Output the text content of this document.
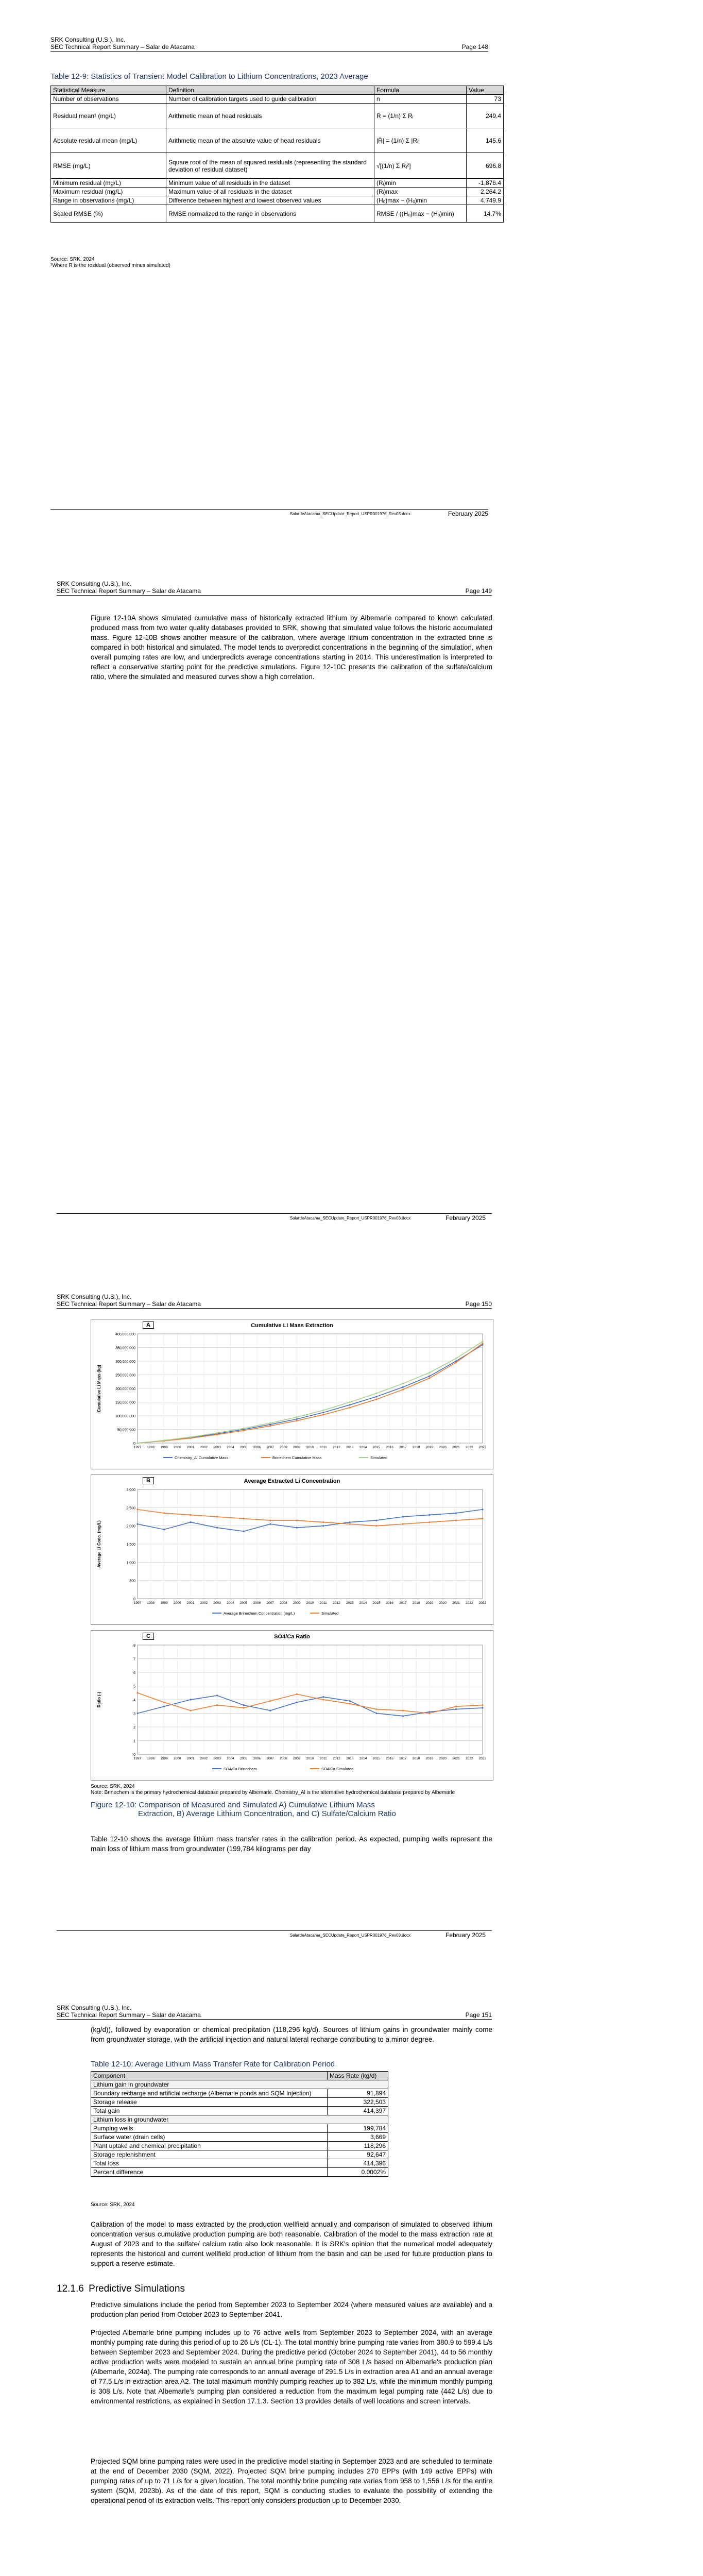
SRK Consulting (U.S.), Inc.
SEC Technical Report Summary – Salar de Atacama	Page 148
Table 12-9: Statistics of Transient Model Calibration to Lithium Concentrations, 2023 Average
Statistical Measure	Definition	Formula	Value
Number of observations	Number of calibration targets used to guide calibration	n	73
Residual mean¹ (mg/L)	Arithmetic mean of head residuals	R̄ = (1/n) Σ Rᵢ	249.4
Absolute residual mean (mg/L)	Arithmetic mean of the absolute value of head residuals	|R̄| = (1/n) Σ |Rᵢ|	145.6
RMSE (mg/L)	Square root of the mean of squared residuals (representing the standard deviation of residual dataset)	√[(1/n) Σ Rᵢ²]	696.8
Minimum residual (mg/L)	Minimum value of all residuals in the dataset	(Rᵢ)min	-1,876.4
Maximum residual (mg/L)	Maximum value of all residuals in the dataset	(Rᵢ)max	2,264.2
Range in observations (mg/L)	Difference between highest and lowest observed values	(Hₒ)max − (Hₒ)min	4,749.9
Scaled RMSE (%)	RMSE normalized to the range in observations	RMSE / ((Hₒ)max − (Hₒ)min)	14.7%
Source: SRK, 2024
¹Where R is the residual (observed minus simulated)
SalardeAtacama_SECUpdate_Report_USPR001976_Rev03.docx	February 2025
SRK Consulting (U.S.), Inc.
SEC Technical Report Summary – Salar de Atacama	Page 149
Figure 12-10A shows simulated cumulative mass of historically extracted lithium by Albemarle compared to known calculated produced mass from two water quality databases provided to SRK, showing that simulated value follows the historic accumulated mass. Figure 12-10B shows another measure of the calibration, where average lithium concentration in the extracted brine is compared in both historical and simulated. The model tends to overpredict concentrations in the beginning of the simulation, when overall pumping rates are low, and underpredicts average concentrations starting in 2014. This underestimation is interpreted to reflect a conservative starting point for the predictive simulations. Figure 12-10C presents the calibration of the sulfate/calcium ratio, where the simulated and measured curves show a high correlation.
SalardeAtacama_SECUpdate_Report_USPR001976_Rev03.docx	February 2025
SRK Consulting (U.S.), Inc.
SEC Technical Report Summary – Salar de Atacama	Page 150
A	Cumulative Li Mass Extraction
0
50,000,000
100,000,000
150,000,000
200,000,000
250,000,000
300,000,000
350,000,000
400,000,000
1997 1998 1999 2000 2001 2002 2003 2004 2005 2006 2007 2008 2009 2010 2011 2012 2013 2014 2015 2016 2017 2018 2019 2020 2021 2022 2023
Cumulative Li Mass (kg)
Chemistry_Al Cumulative Mass	Brinechem Cumulative Mass	Simulated
B	Average Extracted Li Concentration
0
500
1,000
1,500
2,000
2,500
3,000
1997 1998 1999 2000 2001 2002 2003 2004 2005 2006 2007 2008 2009 2010 2011 2012 2013 2014 2015 2016 2017 2018 2019 2020 2021 2022 2023
Average Li Conc. (mg/L)
Average Brinechem Concentration (mg/L)	Simulated
C	SO4/Ca Ratio
0
1
2
3
4
5
6
7
8
1997 1998 1999 2000 2001 2002 2003 2004 2005 2006 2007 2008 2009 2010 2011 2012 2013 2014 2015 2016 2017 2018 2019 2020 2021 2022 2023
Ratio (-)
SO4/Ca Brinechem	SO4/Ca Simulated
Source: SRK, 2024
Note: Brinechem is the primary hydrochemical database prepared by Albemarle. Chemistry_Al is the alternative hydrochemical database prepared by Albemarle
Figure 12-10: Comparison of Measured and Simulated A) Cumulative Lithium Mass
Extraction, B) Average Lithium Concentration, and C) Sulfate/Calcium Ratio
Table 12-10 shows the average lithium mass transfer rates in the calibration period. As expected, pumping wells represent the main loss of lithium mass from groundwater (199,784 kilograms per day
SalardeAtacama_SECUpdate_Report_USPR001976_Rev03.docx	February 2025
SRK Consulting (U.S.), Inc.
SEC Technical Report Summary – Salar de Atacama	Page 151
(kg/d)), followed by evaporation or chemical precipitation (118,296 kg/d). Sources of lithium gains in groundwater mainly come from groundwater storage, with the artificial injection and natural lateral recharge contributing to a minor degree.
Table 12-10: Average Lithium Mass Transfer Rate for Calibration Period
Component	Mass Rate (kg/d)
Lithium gain in groundwater	
Boundary recharge and artificial recharge (Albemarle ponds and SQM Injection)	91,894
Storage release	322,503
Total gain	414,397
Lithium loss in groundwater	
Pumping wells	199,784
Surface water (drain cells)	3,669
Plant uptake and chemical precipitation	118,296
Storage replenishment	92,647
Total loss	414,396
Percent difference	0.0002%
Source: SRK, 2024
Calibration of the model to mass extracted by the production wellfield annually and comparison of simulated to observed lithium concentration versus cumulative production pumping are both reasonable. Calibration of the model to the mass extraction rate at August of 2023 and to the sulfate/ calcium ratio also look reasonable. It is SRK's opinion that the numerical model adequately represents the historical and current wellfield production of lithium from the basin and can be used for future production plans to support a reserve estimate.
12.1.6 Predictive Simulations
Predictive simulations include the period from September 2023 to September 2024 (where measured values are available) and a production plan period from October 2023 to September 2041.
Projected Albemarle brine pumping includes up to 76 active wells from September 2023 to September 2024, with an average monthly pumping rate during this period of up to 26 L/s (CL-1). The total monthly brine pumping rate varies from 380.9 to 599.4 L/s between September 2023 and September 2024. During the predictive period (October 2024 to September 2041), 44 to 56 monthly active production wells were modeled to sustain an annual brine pumping rate of 308 L/s based on Albemarle's production plan (Albemarle, 2024a). The pumping rate corresponds to an annual average of 291.5 L/s in extraction area A1 and an annual average of 77.5 L/s in extraction area A2. The total maximum monthly pumping reaches up to 382 L/s, while the minimum monthly pumping is 308 L/s. Note that Albemarle's pumping plan considered a reduction from the maximum legal pumping rate (442 L/s) due to environmental restrictions, as explained in Section 17.1.3. Section 13 provides details of well locations and screen intervals.
Projected SQM brine pumping rates were used in the predictive model starting in September 2023 and are scheduled to terminate at the end of December 2030 (SQM, 2022). Projected SQM brine pumping includes 270 EPPs (with 149 active EPPs) with pumping rates of up to 71 L/s for a given location. The total monthly brine pumping rate varies from 958 to 1,556 L/s for the entire system (SQM, 2023b). As of the date of this report, SQM is conducting studies to evaluate the possibility of extending the operational period of its extraction wells. This report only considers production up to December 2030.
